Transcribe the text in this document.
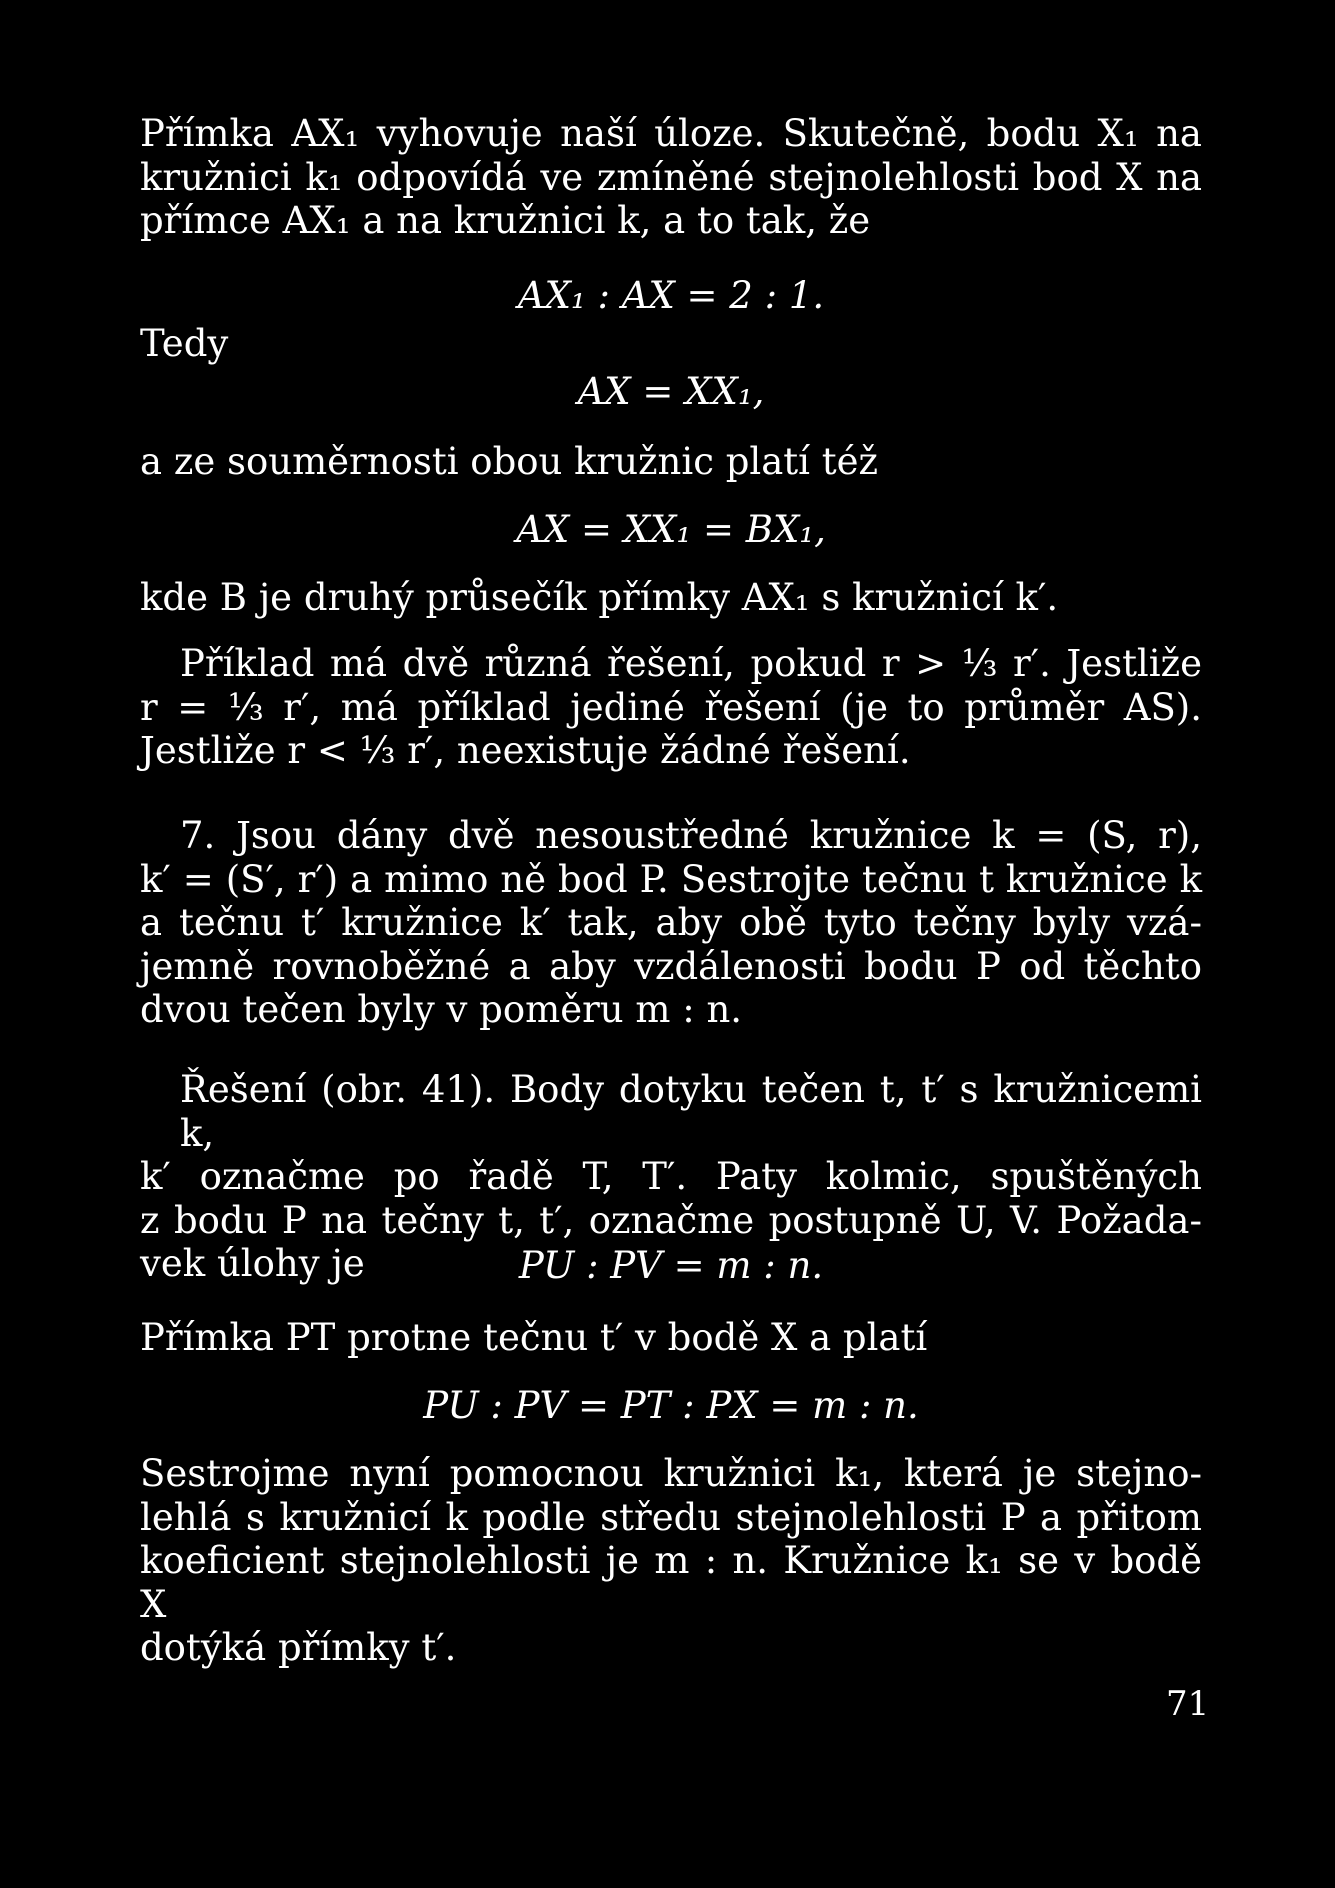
Přímka AX₁ vyhovuje naší úloze. Skutečně, bodu X₁ na
kružnici k₁ odpovídá ve zmíněné stejnolehlosti bod X na
přímce AX₁ a na kružnici k, a to tak, že
AX₁ : AX = 2 : 1.
Tedy
AX = XX₁,
a ze souměrnosti obou kružnic platí též
AX = XX₁ = BX₁,
kde B je druhý průsečík přímky AX₁ s kružnicí k′.
Příklad má dvě různá řešení, pokud r > ⅓ r′. Jestliže
r = ⅓ r′, má příklad jediné řešení (je to průměr AS).
Jestliže r < ⅓ r′, neexistuje žádné řešení.
7. Jsou dány dvě nesoustředné kružnice k = (S, r),
k′ = (S′, r′) a mimo ně bod P. Sestrojte tečnu t kružnice k
a tečnu t′ kružnice k′ tak, aby obě tyto tečny byly vzá-
jemně rovnoběžné a aby vzdálenosti bodu P od těchto
dvou tečen byly v poměru m : n.
Řešení (obr. 41). Body dotyku tečen t, t′ s kružnicemi k,
k′ označme po řadě T, T′. Paty kolmic, spuštěných
z bodu P na tečny t, t′, označme postupně U, V. Požada-
vek úlohy je	PU : PV = m : n.
Přímka PT protne tečnu t′ v bodě X a platí
PU : PV = PT : PX = m : n.
Sestrojme nyní pomocnou kružnici k₁, která je stejno-
lehlá s kružnicí k podle středu stejnolehlosti P a přitom
koeficient stejnolehlosti je m : n. Kružnice k₁ se v bodě X
dotýká přímky t′.
71
